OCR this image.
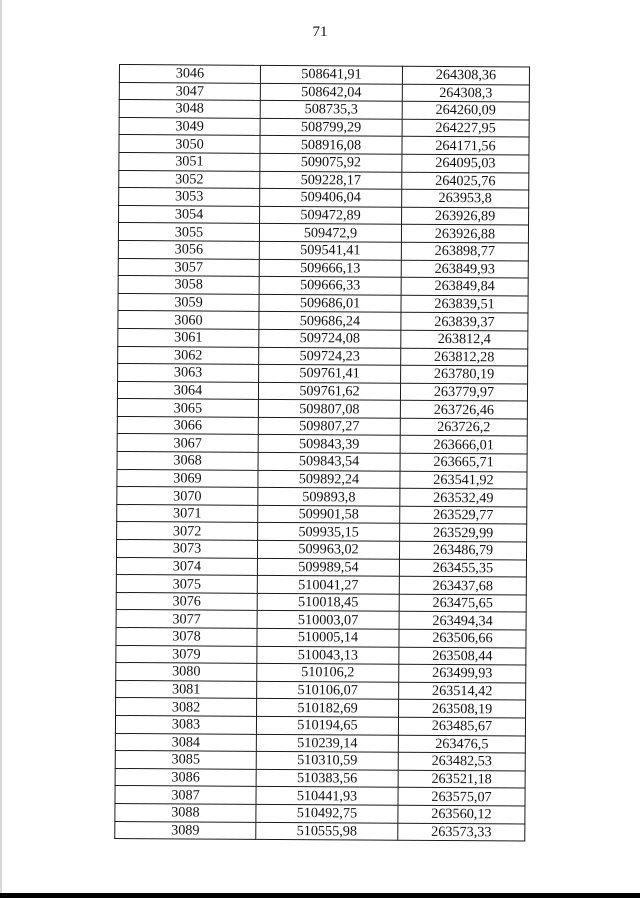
71
3046	508641,91	264308,36
3047	508642,04	264308,3
3048	508735,3	264260,09
3049	508799,29	264227,95
3050	508916,08	264171,56
3051	509075,92	264095,03
3052	509228,17	264025,76
3053	509406,04	263953,8
3054	509472,89	263926,89
3055	509472,9	263926,88
3056	509541,41	263898,77
3057	509666,13	263849,93
3058	509666,33	263849,84
3059	509686,01	263839,51
3060	509686,24	263839,37
3061	509724,08	263812,4
3062	509724,23	263812,28
3063	509761,41	263780,19
3064	509761,62	263779,97
3065	509807,08	263726,46
3066	509807,27	263726,2
3067	509843,39	263666,01
3068	509843,54	263665,71
3069	509892,24	263541,92
3070	509893,8	263532,49
3071	509901,58	263529,77
3072	509935,15	263529,99
3073	509963,02	263486,79
3074	509989,54	263455,35
3075	510041,27	263437,68
3076	510018,45	263475,65
3077	510003,07	263494,34
3078	510005,14	263506,66
3079	510043,13	263508,44
3080	510106,2	263499,93
3081	510106,07	263514,42
3082	510182,69	263508,19
3083	510194,65	263485,67
3084	510239,14	263476,5
3085	510310,59	263482,53
3086	510383,56	263521,18
3087	510441,93	263575,07
3088	510492,75	263560,12
3089	510555,98	263573,33
